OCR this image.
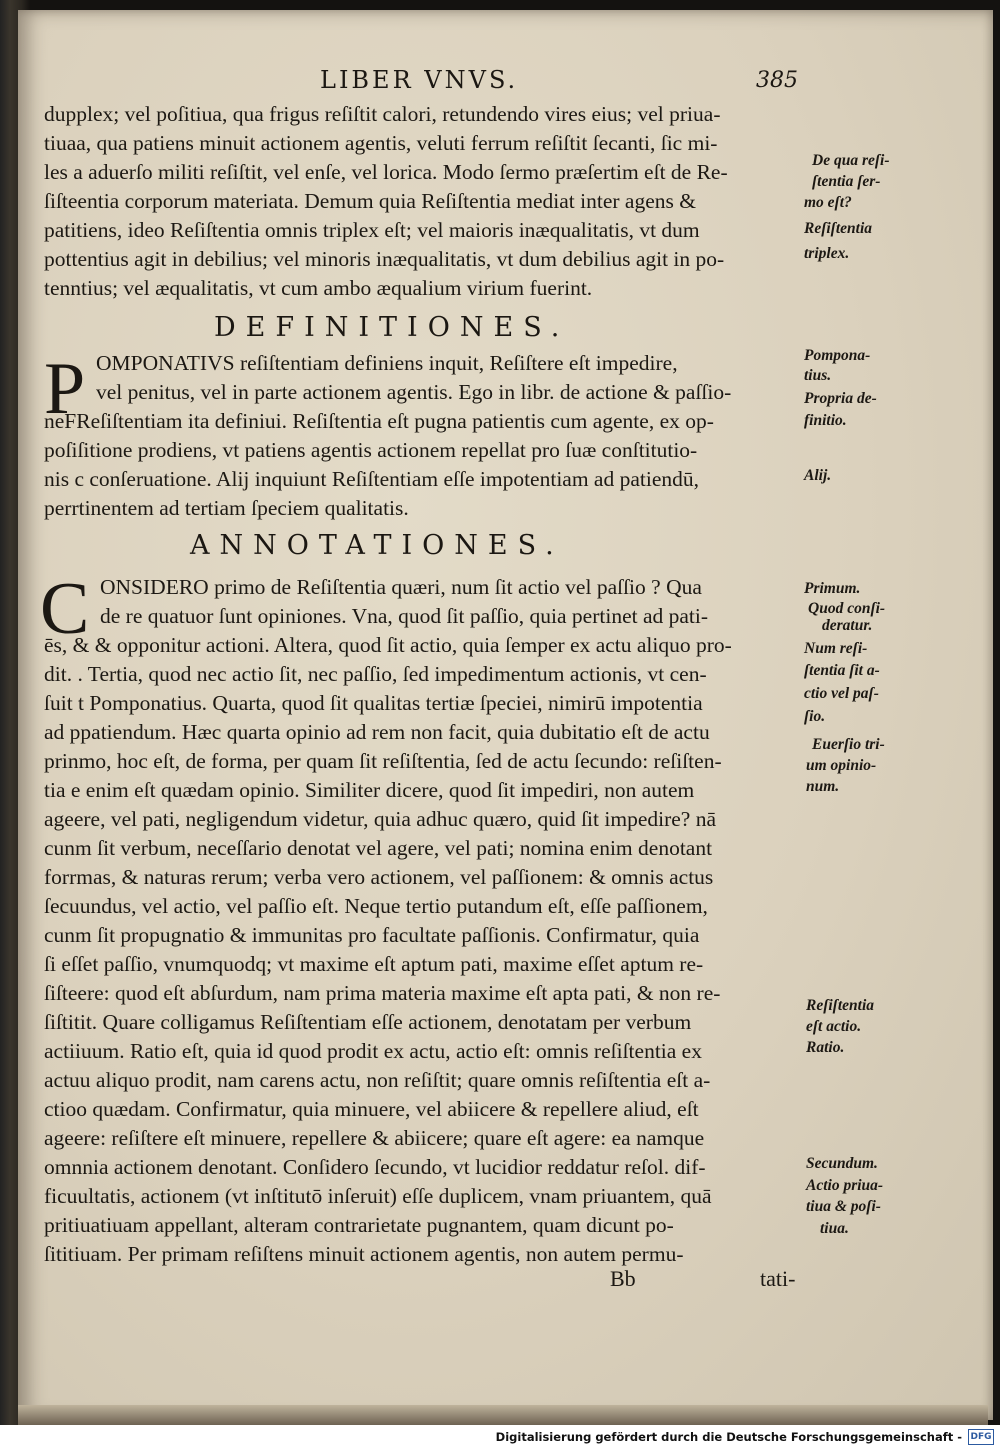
LIBER VNVS.	385
dupplex; vel poſitiua, qua frigus reſiſtit calori, retundendo vires eius; vel priua-
tiuaa, qua patiens minuit actionem agentis, veluti ferrum reſiſtit ſecanti, ſic mi-
les a aduerſo militi reſiſtit, vel enſe, vel lorica. Modo ſermo præſertim eſt de Re-
ſiſteentia corporum materiata. Demum quia Reſiſtentia mediat inter agens &
patitiens, ideo Reſiſtentia omnis triplex eſt; vel maioris inæqualitatis, vt dum
pottentius agit in debilius; vel minoris inæqualitatis, vt dum debilius agit in po-
tenntius; vel æqualitatis, vt cum ambo æqualium virium fuerint.
DEFINITIONES.
P OMPONATIVS reſiſtentiam definiens inquit, Reſiſtere eſt impedire,
vel penitus, vel in parte actionem agentis. Ego in libr. de actione & paſſio-
neFReſiſtentiam ita definiui. Reſiſtentia eſt pugna patientis cum agente, ex op-
poſiſitione prodiens, vt patiens agentis actionem repellat pro ſuæ conſtitutio-
nis c conſeruatione. Alij inquiunt Reſiſtentiam eſſe impotentiam ad patiendū,
perrtinentem ad tertiam ſpeciem qualitatis.
ANNOTATIONES.
C ONSIDERO primo de Reſiſtentia quæri, num ſit actio vel paſſio ? Qua
de re quatuor ſunt opiniones. Vna, quod ſit paſſio, quia pertinet ad pati-
ēs, & & opponitur actioni. Altera, quod ſit actio, quia ſemper ex actu aliquo pro-
dit. . Tertia, quod nec actio ſit, nec paſſio, ſed impedimentum actionis, vt cen-
ſuit t Pomponatius. Quarta, quod ſit qualitas tertiæ ſpeciei, nimirū impotentia
ad ppatiendum. Hæc quarta opinio ad rem non facit, quia dubitatio eſt de actu
prinmo, hoc eſt, de forma, per quam ſit reſiſtentia, ſed de actu ſecundo: reſiſten-
tia e enim eſt quædam opinio. Similiter dicere, quod ſit impediri, non autem
ageere, vel pati, negligendum videtur, quia adhuc quæro, quid ſit impedire? nā
cunm ſit verbum, neceſſario denotat vel agere, vel pati; nomina enim denotant
forrmas, & naturas rerum; verba vero actionem, vel paſſionem: & omnis actus
ſecuundus, vel actio, vel paſſio eſt. Neque tertio putandum eſt, eſſe paſſionem,
cunm ſit propugnatio & immunitas pro facultate paſſionis. Confirmatur, quia
ſi eſſet paſſio, vnumquodq; vt maxime eſt aptum pati, maxime eſſet aptum re-
ſiſteere: quod eſt abſurdum, nam prima materia maxime eſt apta pati, & non re-
ſiſtitit. Quare colligamus Reſiſtentiam eſſe actionem, denotatam per verbum
actiiuum. Ratio eſt, quia id quod prodit ex actu, actio eſt: omnis reſiſtentia ex
actuu aliquo prodit, nam carens actu, non reſiſtit; quare omnis reſiſtentia eſt a-
ctioo quædam. Confirmatur, quia minuere, vel abiicere & repellere aliud, eſt
ageere: reſiſtere eſt minuere, repellere & abiicere; quare eſt agere: ea namque
omnnia actionem denotant. Conſidero ſecundo, vt lucidior reddatur reſol. dif-
ficuultatis, actionem (vt inſtitutō inſeruit) eſſe duplicem, vnam priuantem, quā
pritiuatiuam appellant, alteram contrarietate pugnantem, quam dicunt po-
ſititiuam. Per primam reſiſtens minuit actionem agentis, non autem permu-
De qua reſi-
ſtentia ſer-
mo eſt?
Reſiſtentia
triplex.
Pompona-
tius.
Propria de-
finitio.
Alij.
Primum.
Quod conſi-
deratur.
Num reſi-
ſtentia ſit a-
ctio vel paſ-
ſio.
Euerſio tri-
um opinio-
num.
Reſiſtentia
eſt actio.
Ratio.
Secundum.
Actio priua-
tiua & poſi-
tiua.
Bb	tati-
Digitalisierung gefördert durch die Deutsche Forschungsgemeinschaft - DFG
